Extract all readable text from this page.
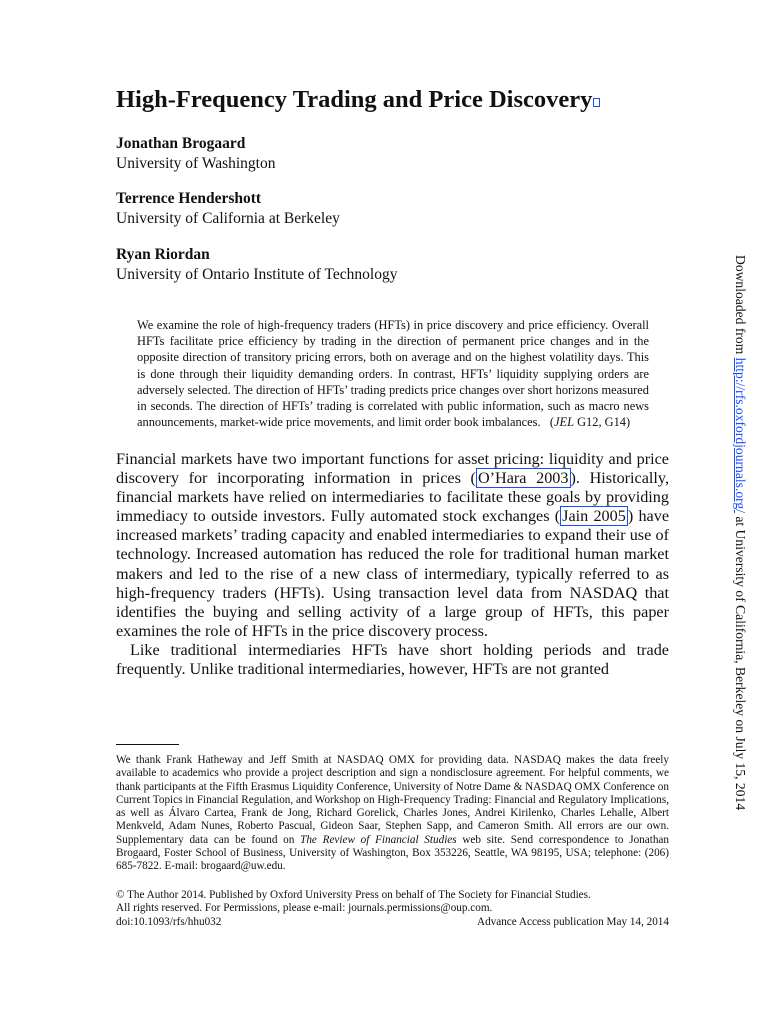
High-Frequency Trading and Price Discovery
Jonathan Brogaard
University of Washington
Terrence Hendershott
University of California at Berkeley
Ryan Riordan
University of Ontario Institute of Technology

We examine the role of high-frequency traders (HFTs) in price discovery and price efficiency. Overall HFTs facilitate price efficiency by trading in the direction of permanent price changes and in the opposite direction of transitory pricing errors, both on average and on the highest volatility days. This is done through their liquidity demanding orders. In contrast, HFTs’ liquidity supplying orders are adversely selected. The direction of HFTs’ trading predicts price changes over short horizons measured in seconds. The direction of HFTs’ trading is correlated with public information, such as macro news announcements, market-wide price movements, and limit order book imbalances.   (JEL G12, G14)

Financial markets have two important functions for asset pricing: liquidity and price discovery for incorporating information in prices ( O’Hara 2003 ). Historically, financial markets have relied on intermediaries to facilitate these goals by providing immediacy to outside investors. Fully automated stock exchanges ( Jain 2005 ) have increased markets’ trading capacity and enabled intermediaries to expand their use of technology. Increased automation has reduced the role for traditional human market makers and led to the rise of a new class of intermediary, typically referred to as high-frequency traders (HFTs). Using transaction level data from NASDAQ that identifies the buying and selling activity of a large group of HFTs, this paper examines the role of HFTs in the price discovery process.

Like traditional intermediaries HFTs have short holding periods and trade frequently. Unlike traditional intermediaries, however, HFTs are not granted

We thank Frank Hatheway and Jeff Smith at NASDAQ OMX for providing data. NASDAQ makes the data freely available to academics who provide a project description and sign a nondisclosure agreement. For helpful comments, we thank participants at the Fifth Erasmus Liquidity Conference, University of Notre Dame & NASDAQ OMX Conference on Current Topics in Financial Regulation, and Workshop on High-Frequency Trading: Financial and Regulatory Implications, as well as Álvaro Cartea, Frank de Jong, Richard Gorelick, Charles Jones, Andrei Kirilenko, Charles Lehalle, Albert Menkveld, Adam Nunes, Roberto Pascual, Gideon Saar, Stephen Sapp, and Cameron Smith. All errors are our own. Supplementary data can be found on The Review of Financial Studies web site. Send correspondence to Jonathan Brogaard, Foster School of Business, University of Washington, Box 353226, Seattle, WA 98195, USA; telephone: (206) 685-7822. E-mail: brogaard@uw.edu.

© The Author 2014. Published by Oxford University Press on behalf of The Society for Financial Studies.
All rights reserved. For Permissions, please e-mail: journals.permissions@oup.com.
doi:10.1093/rfs/hhu032	Advance Access publication May 14, 2014
Downloaded from http://rfs.oxfordjournals.org/ at University of California, Berkeley on July 15, 2014
